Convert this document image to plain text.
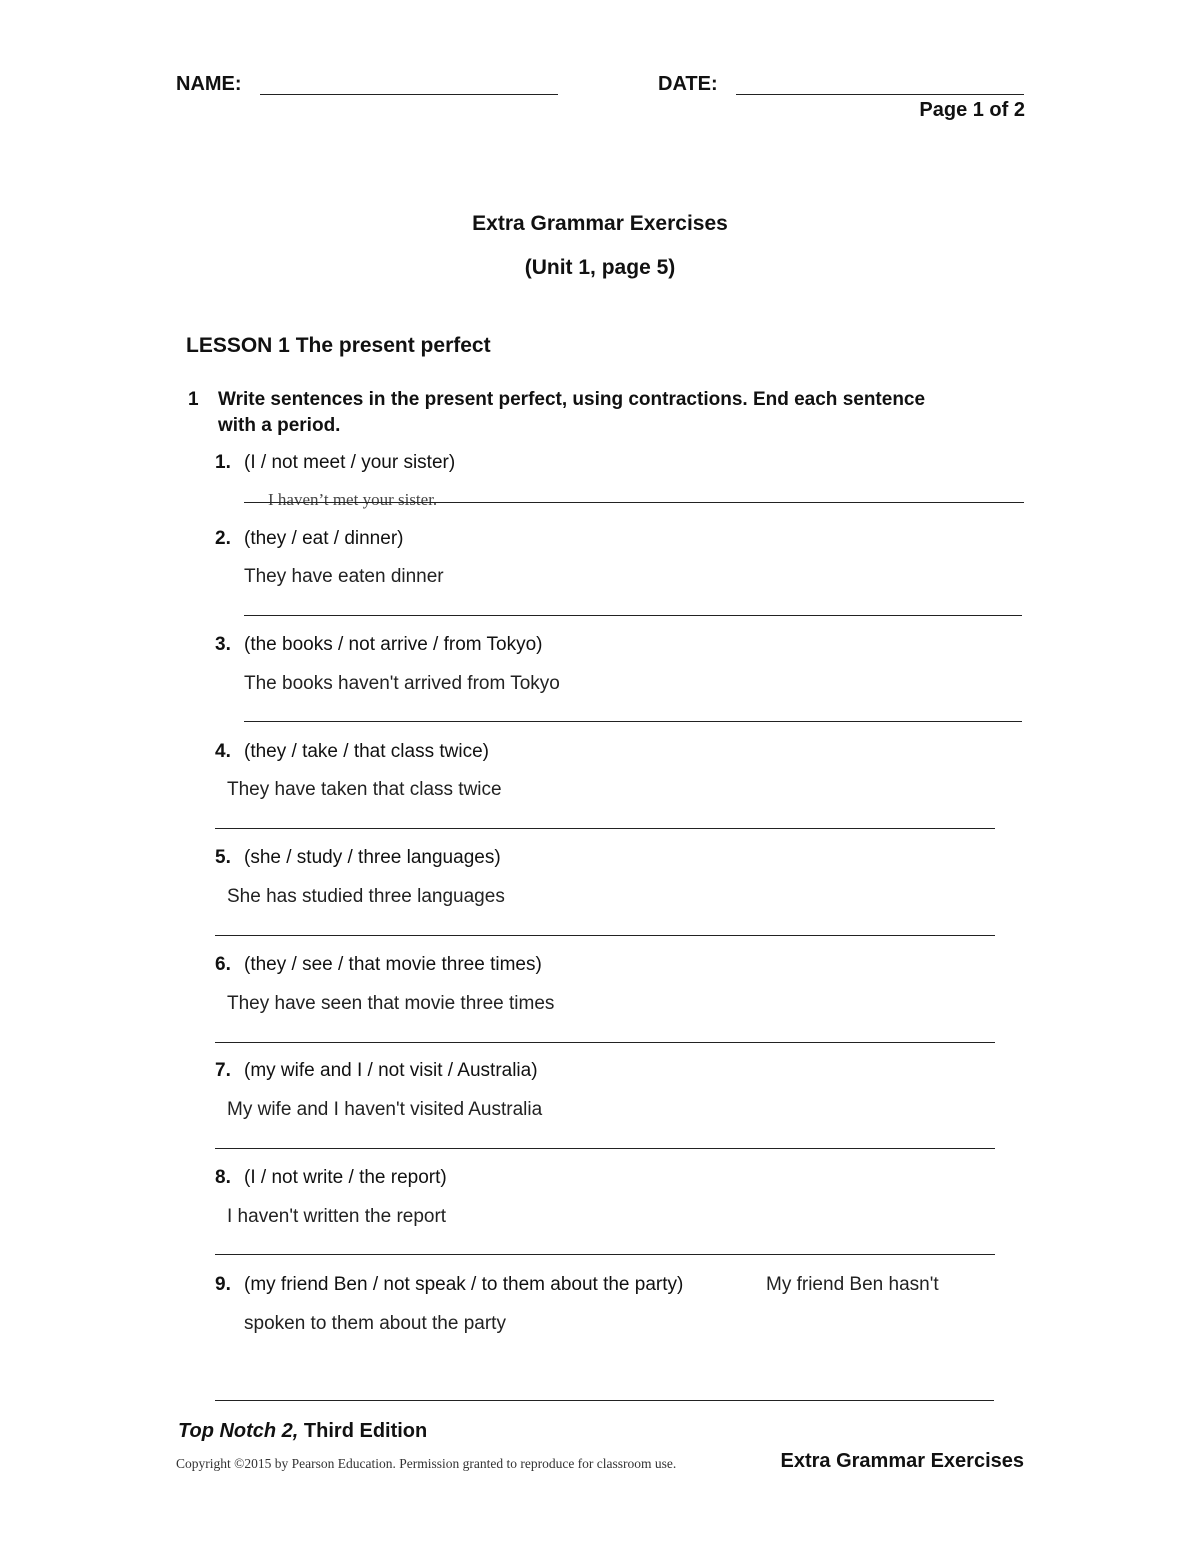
NAME:	DATE:
Page 1 of 2
Extra Grammar Exercises
(Unit 1, page 5)
LESSON 1 The present perfect
1 Write sentences in the present perfect, using contractions. End each sentence
with a period.
1. (I / not meet / your sister)
I haven’t met your sister.
2. (they / eat / dinner)
They have eaten dinner
3. (the books / not arrive / from Tokyo)
The books haven't arrived from Tokyo
4. (they / take / that class twice)
They have taken that class twice
5. (she / study / three languages)
She has studied three languages
6. (they / see / that movie three times)
They have seen that movie three times
7. (my wife and I / not visit / Australia)
My wife and I haven't visited Australia
8. (I / not write / the report)
I haven't written the report
9. (my friend Ben / not speak / to them about the party)	My friend Ben hasn't
spoken to them about the party
Top Notch 2, Third Edition
Copyright ©2015 by Pearson Education. Permission granted to reproduce for classroom use.	Extra Grammar Exercises
